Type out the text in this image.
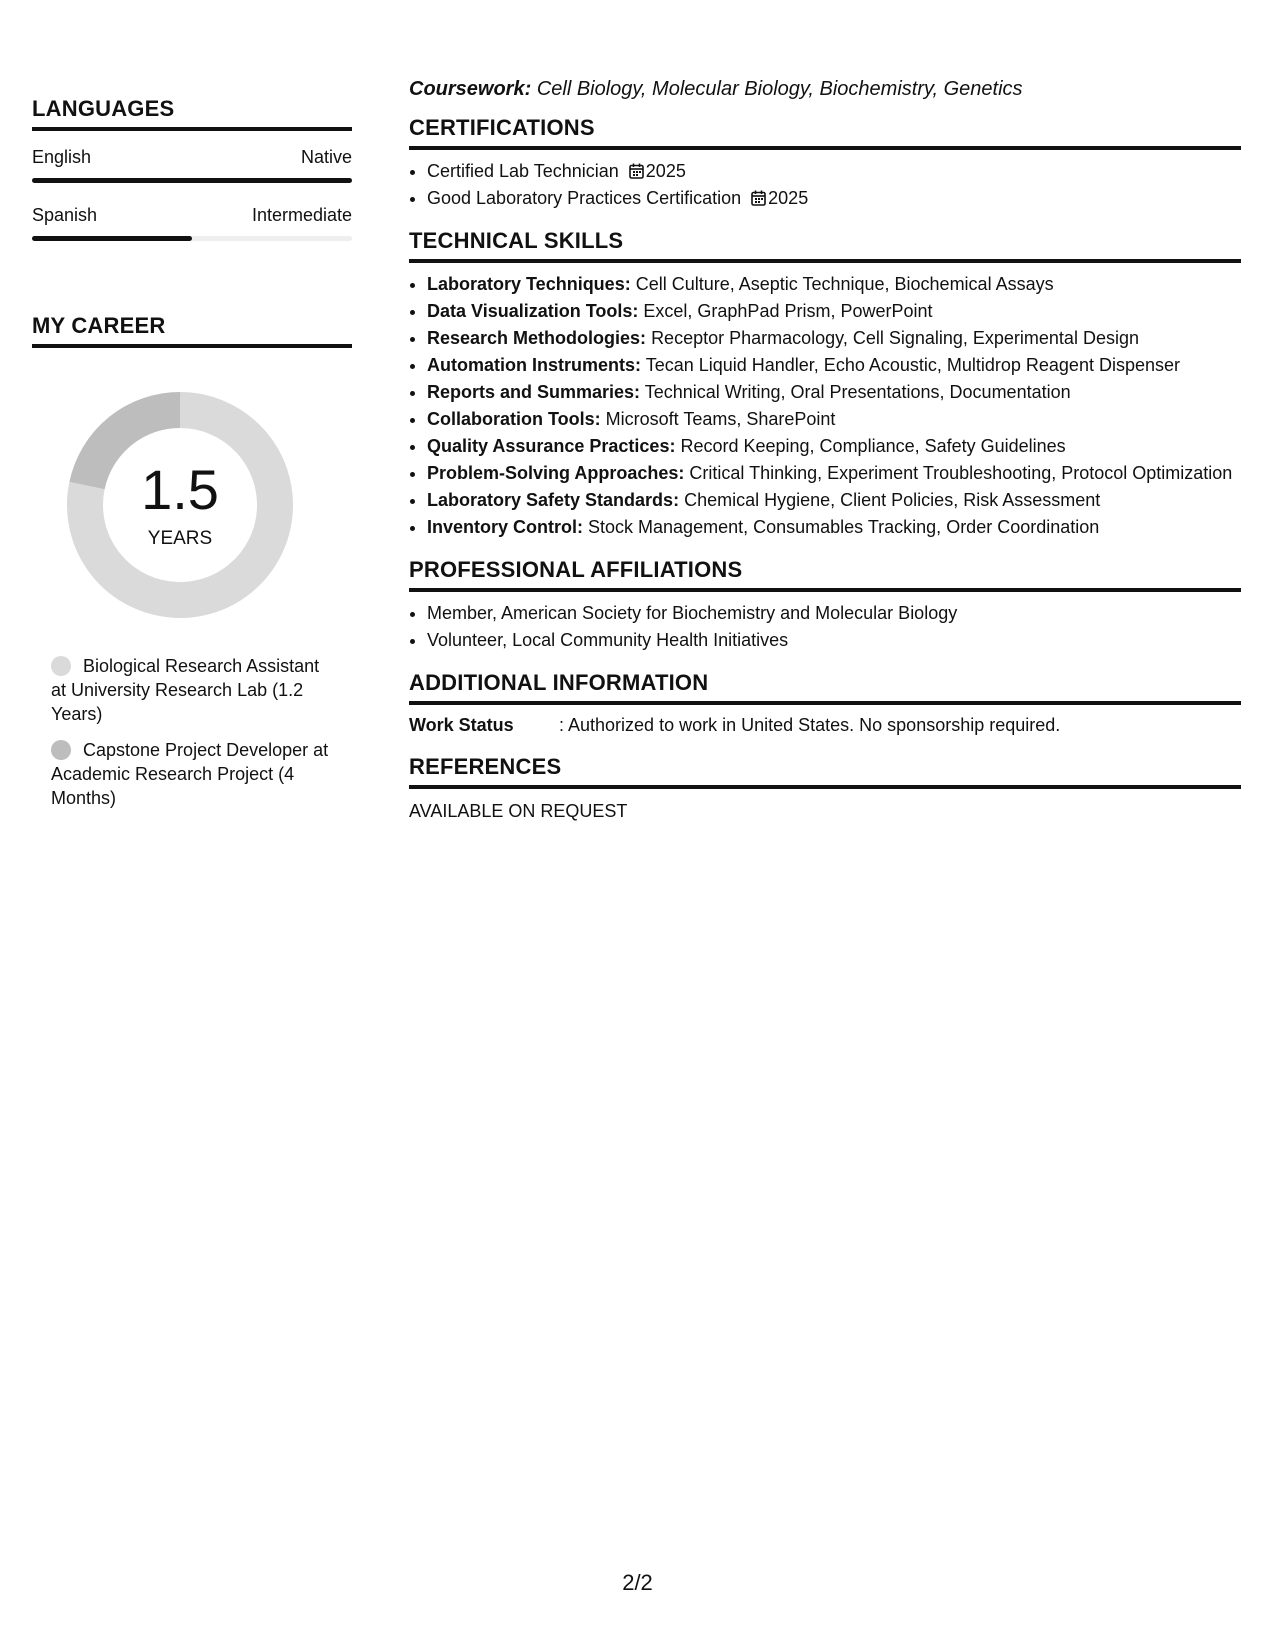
LANGUAGES
English	Native
Spanish	Intermediate
MY CAREER
1.5
YEARS
Biological Research Assistant at University Research Lab (1.2 Years)
Capstone Project Developer at Academic Research Project (4 Months)

Coursework: Cell Biology, Molecular Biology, Biochemistry, Genetics

CERTIFICATIONS
• Certified Lab Technician 2025
• Good Laboratory Practices Certification 2025
TECHNICAL SKILLS
• Laboratory Techniques: Cell Culture, Aseptic Technique, Biochemical Assays
• Data Visualization Tools: Excel, GraphPad Prism, PowerPoint
• Research Methodologies: Receptor Pharmacology, Cell Signaling, Experimental Design
• Automation Instruments: Tecan Liquid Handler, Echo Acoustic, Multidrop Reagent Dispenser
• Reports and Summaries: Technical Writing, Oral Presentations, Documentation
• Collaboration Tools: Microsoft Teams, SharePoint
• Quality Assurance Practices: Record Keeping, Compliance, Safety Guidelines
• Problem-Solving Approaches: Critical Thinking, Experiment Troubleshooting, Protocol Optimization
• Laboratory Safety Standards: Chemical Hygiene, Client Policies, Risk Assessment
• Inventory Control: Stock Management, Consumables Tracking, Order Coordination
PROFESSIONAL AFFILIATIONS
• Member, American Society for Biochemistry and Molecular Biology
• Volunteer, Local Community Health Initiatives
ADDITIONAL INFORMATION
Work Status	: Authorized to work in United States. No sponsorship required.
REFERENCES
AVAILABLE ON REQUEST
2/2
